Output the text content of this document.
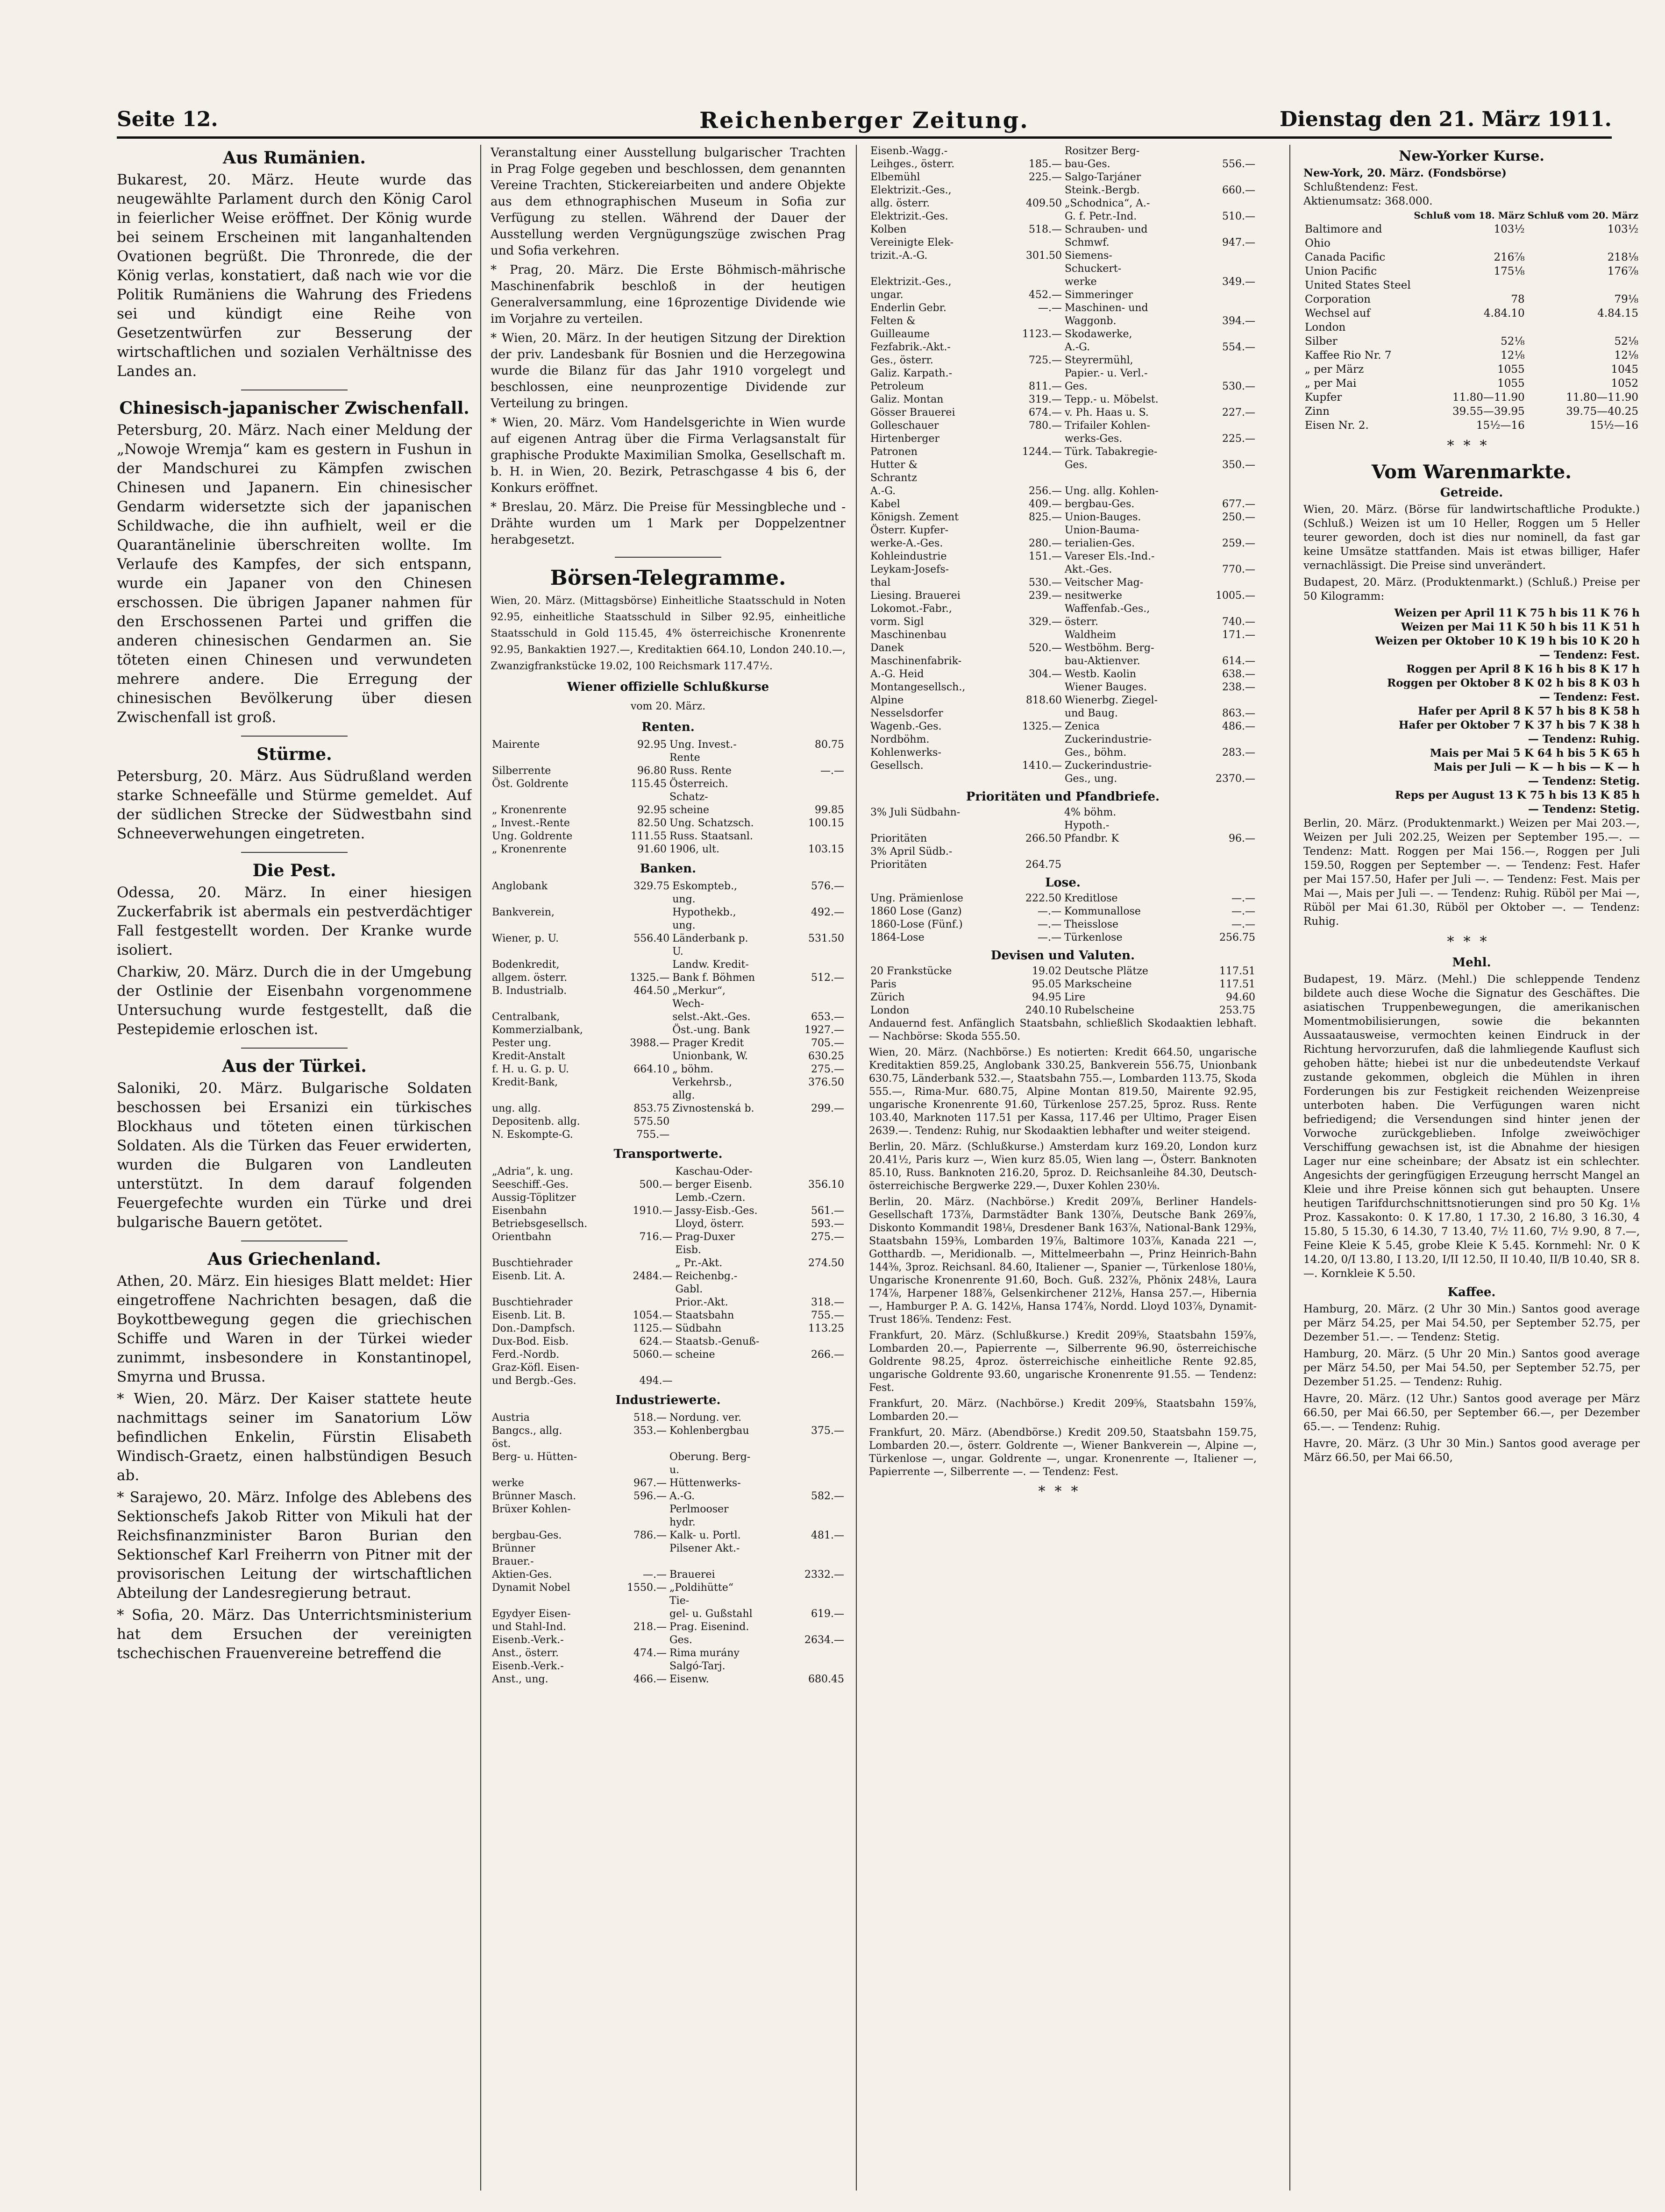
Seite 12.	Reichenberger Zeitung.	Dienstag den 21. März 1911.
Aus Rumänien.

Bukarest, 20. März. Heute wurde das neugewählte Parlament durch den König Carol in feierlicher Weise eröffnet. Der König wurde bei seinem Erscheinen mit langanhaltenden Ovationen begrüßt. Die Thronrede, die der König verlas, konstatiert, daß nach wie vor die Politik Rumäniens die Wahrung des Friedens sei und kündigt eine Reihe von Gesetzentwürfen zur Besserung der wirtschaftlichen und sozialen Verhältnisse des Landes an.

Chinesisch-japanischer Zwischenfall.

Petersburg, 20. März. Nach einer Meldung der „Nowoje Wremja“ kam es gestern in Fushun in der Mandschurei zu Kämpfen zwischen Chinesen und Japanern. Ein chinesischer Gendarm widersetzte sich der japanischen Schildwache, die ihn aufhielt, weil er die Quarantänelinie überschreiten wollte. Im Verlaufe des Kampfes, der sich entspann, wurde ein Japaner von den Chinesen erschossen. Die übrigen Japaner nahmen für den Erschossenen Partei und griffen die anderen chinesischen Gendarmen an. Sie töteten einen Chinesen und verwundeten mehrere andere. Die Erregung der chinesischen Bevölkerung über diesen Zwischenfall ist groß.

Stürme.

Petersburg, 20. März. Aus Südrußland werden starke Schneefälle und Stürme gemeldet. Auf der südlichen Strecke der Südwestbahn sind Schneeverwehungen eingetreten.

Die Pest.

Odessa, 20. März. In einer hiesigen Zuckerfabrik ist abermals ein pestverdächtiger Fall festgestellt worden. Der Kranke wurde isoliert.

Charkiw, 20. März. Durch die in der Umgebung der Ostlinie der Eisenbahn vorgenommene Untersuchung wurde festgestellt, daß die Pestepidemie erloschen ist.

Aus der Türkei.

Saloniki, 20. März. Bulgarische Soldaten beschossen bei Ersanizi ein türkisches Blockhaus und töteten einen türkischen Soldaten. Als die Türken das Feuer erwiderten, wurden die Bulgaren von Landleuten unterstützt. In dem darauf folgenden Feuergefechte wurden ein Türke und drei bulgarische Bauern getötet.

Aus Griechenland.

Athen, 20. März. Ein hiesiges Blatt meldet: Hier eingetroffene Nachrichten besagen, daß die Boykottbewegung gegen die griechischen Schiffe und Waren in der Türkei wieder zunimmt, insbesondere in Konstantinopel, Smyrna und Brussa.

* Wien, 20. März. Der Kaiser stattete heute nachmittags seiner im Sanatorium Löw befindlichen Enkelin, Fürstin Elisabeth Windisch-Graetz, einen halbstündigen Besuch ab.

* Sarajewo, 20. März. Infolge des Ablebens des Sektionschefs Jakob Ritter von Mikuli hat der Reichsfinanzminister Baron Burian den Sektionschef Karl Freiherrn von Pitner mit der provisorischen Leitung der wirtschaftlichen Abteilung der Landesregierung betraut.

* Sofia, 20. März. Das Unterrichtsministerium hat dem Ersuchen der vereinigten tschechischen Frauenvereine betreffend die

Veranstaltung einer Ausstellung bulgarischer Trachten in Prag Folge gegeben und beschlossen, dem genannten Vereine Trachten, Stickereiarbeiten und andere Objekte aus dem ethnographischen Museum in Sofia zur Verfügung zu stellen. Während der Dauer der Ausstellung werden Vergnügungszüge zwischen Prag und Sofia verkehren.

* Prag, 20. März. Die Erste Böhmisch-mährische Maschinenfabrik beschloß in der heutigen Generalversammlung, eine 16prozentige Dividende wie im Vorjahre zu verteilen.

* Wien, 20. März. In der heutigen Sitzung der Direktion der priv. Landesbank für Bosnien und die Herzegowina wurde die Bilanz für das Jahr 1910 vorgelegt und beschlossen, eine neunprozentige Dividende zur Verteilung zu bringen.

* Wien, 20. März. Vom Handelsgerichte in Wien wurde auf eigenen Antrag über die Firma Verlagsanstalt für graphische Produkte Maximilian Smolka, Gesellschaft m. b. H. in Wien, 20. Bezirk, Petraschgasse 4 bis 6, der Konkurs eröffnet.

* Breslau, 20. März. Die Preise für Messingbleche und -Drähte wurden um 1 Mark per Doppelzentner herabgesetzt.

Börsen-Telegramme.

Wien, 20. März. (Mittagsbörse) Einheitliche Staatsschuld in Noten 92.95, einheitliche Staatsschuld in Silber 92.95, einheitliche Staatsschuld in Gold 115.45, 4% österreichische Kronenrente 92.95, Bankaktien 1927.—, Kreditaktien 664.10, London 240.10.—, Zwanzigfrankstücke 19.02, 100 Reichsmark 117.47½.

Wiener offizielle Schlußkurse
vom 20. März.
Renten.
Mairente	92.95	Ung. Invest.-Rente	80.75
Silberrente	96.80	Russ. Rente	—.—
Öst. Goldrente	115.45	Österreich. Schatz-	
„ Kronenrente	92.95	scheine	99.85
„ Invest.-Rente	82.50	Ung. Schatzsch.	100.15
Ung. Goldrente	111.55	Russ. Staatsanl.	
„ Kronenrente	91.60	1906, ult.	103.15
Banken.
Anglobank	329.75	Eskompteb., ung.	576.—
Bankverein,		Hypothekb., ung.	492.—
Wiener, p. U.	556.40	Länderbank p. U.	531.50
Bodenkredit,		Landw. Kredit-	
allgem. österr.	1325.—	Bank f. Böhmen	512.—
B. Industrialb.	464.50	„Merkur“, Wech-	
Centralbank,		selst.-Akt.-Ges.	653.—
Kommerzialbank,		Öst.-ung. Bank	1927.—
Pester ung.	3988.—	Prager Kredit	705.—
Kredit-Anstalt		Unionbank, W.	630.25
f. H. u. G. p. U.	664.10	„ böhm.	275.—
Kredit-Bank,		Verkehrsb., allg.	376.50
ung. allg.	853.75	Zivnostenská b.	299.—
Depositenb. allg.	575.50		
N. Eskompte-G.	755.—		
Transportwerte.
„Adria“, k. ung.		Kaschau-Oder-	
Seeschiff.-Ges.	500.—	berger Eisenb.	356.10
Aussig-Töplitzer		Lemb.-Czern.	
Eisenbahn	1910.—	Jassy-Eisb.-Ges.	561.—
Betriebsgesellsch.		Lloyd, österr.	593.—
Orientbahn	716.—	Prag-Duxer Eisb.	275.—
Buschtiehrader		„ Pr.-Akt.	274.50
Eisenb. Lit. A.	2484.—	Reichenbg.-Gabl.	
Buschtiehrader		Prior.-Akt.	318.—
Eisenb. Lit. B.	1054.—	Staatsbahn	755.—
Don.-Dampfsch.	1125.—	Südbahn	113.25
Dux-Bod. Eisb.	624.—	Staatsb.-Genuß-	
Ferd.-Nordb.	5060.—	scheine	266.—
Graz-Köfl. Eisen-			
und Bergb.-Ges.	494.—		
Industriewerte.
Austria	518.—	Nordung. ver.	
Bangcs., allg. öst.	353.—	Kohlenbergbau	375.—
Berg- u. Hütten-		Oberung. Berg- u.	
werke	967.—	Hüttenwerks-	
Brünner Masch.	596.—	A.-G.	582.—
Brüxer Kohlen-		Perlmooser hydr.	
bergbau-Ges.	786.—	Kalk- u. Portl.	481.—
Brünner Brauer.-		Pilsener Akt.-	
Aktien-Ges.	—.—	Brauerei	2332.—
Dynamit Nobel	1550.—	„Poldihütte“ Tie-	
Egydyer Eisen-		gel- u. Gußstahl	619.—
und Stahl-Ind.	218.—	Prag. Eisenind.	
Eisenb.-Verk.-		Ges.	2634.—
Anst., österr.	474.—	Rima murány	
Eisenb.-Verk.-		Salgó-Tarj.	
Anst., ung.	466.—	Eisenw.	680.45
Eisenb.-Wagg.-		Rositzer Berg-	
Leihges., österr.	185.—	bau-Ges.	556.—
Elbemühl	225.—	Salgo-Tarjáner	
Elektrizit.-Ges.,		Steink.-Bergb.	660.—
allg. österr.	409.50	„Schodnica“, A.-	
Elektrizit.-Ges.		G. f. Petr.-Ind.	510.—
Kolben	518.—	Schrauben- und	
Vereinigte Elek-		Schmwf.	947.—
trizit.-A.-G.	301.50	Siemens-Schuckert-	
Elektrizit.-Ges.,		werke	349.—
ungar.	452.—	Simmeringer	
Enderlin Gebr.	—.—	Maschinen- und	
Felten &		Waggonb.	394.—
Guilleaume	1123.—	Skodawerke,	
Fezfabrik.-Akt.-		A.-G.	554.—
Ges., österr.	725.—	Steyrermühl,	
Galiz. Karpath.-		Papier.- u. Verl.-	
Petroleum	811.—	Ges.	530.—
Galiz. Montan	319.—	Tepp.- u. Möbelst.	
Gösser Brauerei	674.—	v. Ph. Haas u. S.	227.—
Golleschauer	780.—	Trifailer Kohlen-	
Hirtenberger		werks-Ges.	225.—
Patronen	1244.—	Türk. Tabakregie-	
Hutter & Schrantz		Ges.	350.—
A.-G.	256.—	Ung. allg. Kohlen-	
Kabel	409.—	bergbau-Ges.	677.—
Königsh. Zement	825.—	Union-Bauges.	250.—
Österr. Kupfer-		Union-Bauma-	
werke-A.-Ges.	280.—	terialien-Ges.	259.—
Kohleindustrie	151.—	Vareser Els.-Ind.-	
Leykam-Josefs-		Akt.-Ges.	770.—
thal	530.—	Veitscher Mag-	
Liesing. Brauerei	239.—	nesitwerke	1005.—
Lokomot.-Fabr.,		Waffenfab.-Ges.,	
vorm. Sigl	329.—	österr.	740.—
Maschinenbau		Waldheim	171.—
Danek	520.—	Westböhm. Berg-	
Maschinenfabrik-		bau-Aktienver.	614.—
A.-G. Heid	304.—	Westb. Kaolin	638.—
Montangesellsch.,		Wiener Bauges.	238.—
Alpine	818.60	Wienerbg. Ziegel-	
Nesselsdorfer		und Baug.	863.—
Wagenb.-Ges.	1325.—	Zenica	486.—
Nordböhm.		Zuckerindustrie-	
Kohlenwerks-		Ges., böhm.	283.—
Gesellsch.	1410.—	Zuckerindustrie-	
		Ges., ung.	2370.—
Prioritäten und Pfandbriefe.
3% Juli Südbahn-		4% böhm. Hypoth.-	
Prioritäten	266.50	Pfandbr. K	96.—
3% April Südb.-			
Prioritäten	264.75		
Lose.
Ung. Prämienlose	222.50	Kreditlose	—.—
1860 Lose (Ganz)	—.—	Kommunallose	—.—
1860-Lose (Fünf.)	—.—	Theisslose	—.—
1864-Lose	—.—	Türkenlose	256.75
Devisen und Valuten.
20 Frankstücke	19.02	Deutsche Plätze	117.51
Paris	95.05	Markscheine	117.51
Zürich	94.95	Lire	94.60
London	240.10	Rubelscheine	253.75

Andauernd fest. Anfänglich Staatsbahn, schließlich Skodaaktien lebhaft. — Nachbörse: Skoda 555.50.

Wien, 20. März. (Nachbörse.) Es notierten: Kredit 664.50, ungarische Kreditaktien 859.25, Anglobank 330.25, Bankverein 556.75, Unionbank 630.75, Länderbank 532.—, Staatsbahn 755.—, Lombarden 113.75, Skoda 555.—, Rima-Mur. 680.75, Alpine Montan 819.50, Mairente 92.95, ungarische Kronenrente 91.60, Türkenlose 257.25, 5proz. Russ. Rente 103.40, Marknoten 117.51 per Kassa, 117.46 per Ultimo, Prager Eisen 2639.—. Tendenz: Ruhig, nur Skodaaktien lebhafter und weiter steigend.

Berlin, 20. März. (Schlußkurse.) Amsterdam kurz 169.20, London kurz 20.41½, Paris kurz —, Wien kurz 85.05, Wien lang —, Österr. Banknoten 85.10, Russ. Banknoten 216.20, 5proz. D. Reichsanleihe 84.30, Deutsch-österreichische Bergwerke 229.—, Duxer Kohlen 230⅛.

Berlin, 20. März. (Nachbörse.) Kredit 209⅞, Berliner Handels-Gesellschaft 173⅞, Darmstädter Bank 130⅞, Deutsche Bank 269⅞, Diskonto Kommandit 198⅛, Dresdener Bank 163⅞, National-Bank 129⅜, Staatsbahn 159⅜, Lombarden 19⅞, Baltimore 103⅞, Kanada 221 —, Gotthardb. —, Meridionalb. —, Mittelmeerbahn —, Prinz Heinrich-Bahn 144⅜, 3proz. Reichsanl. 84.60, Italiener —, Spanier —, Türkenlose 180⅛, Ungarische Kronenrente 91.60, Boch. Guß. 232⅞, Phönix 248⅛, Laura 174⅞, Harpener 188⅞, Gelsenkirchener 212⅛, Hansa 257.—, Hibernia —, Hamburger P. A. G. 142⅛, Hansa 174⅞, Nordd. Lloyd 103⅞, Dynamit-Trust 186⅝. Tendenz: Fest.

Frankfurt, 20. März. (Schlußkurse.) Kredit 209⅝, Staatsbahn 159⅞, Lombarden 20.—, Papierrente —, Silberrente 96.90, österreichische Goldrente 98.25, 4proz. österreichische einheitliche Rente 92.85, ungarische Goldrente 93.60, ungarische Kronenrente 91.55. — Tendenz: Fest.

Frankfurt, 20. März. (Nachbörse.) Kredit 209⅝, Staatsbahn 159⅞, Lombarden 20.—

Frankfurt, 20. März. (Abendbörse.) Kredit 209.50, Staatsbahn 159.75, Lombarden 20.—, österr. Goldrente —, Wiener Bankverein —, Alpine —, Türkenlose —, ungar. Goldrente —, ungar. Kronenrente —, Italiener —, Papierrente —, Silberrente —. — Tendenz: Fest.

***
New-Yorker Kurse.
New-York, 20. März. (Fondsbörse)
Schlußtendenz: Fest.
Aktienumsatz: 368.000.
	Schluß vom 18. März	Schluß vom 20. März
Baltimore and Ohio	103½	103½
Canada Pacific	216⅞	218⅛
Union Pacific	175⅛	176⅞
United States Steel		
Corporation	78	79⅛
Wechsel auf London	4.84.10	4.84.15
Silber	52⅛	52⅛
Kaffee Rio Nr. 7	12⅛	12⅛
„ per März	1055	1045
„ per Mai	1055	1052
Kupfer	11.80—11.90	11.80—11.90
Zinn	39.55—39.95	39.75—40.25
Eisen Nr. 2.	15½—16	15½—16
***
Vom Warenmarkte.
Getreide.

Wien, 20. März. (Börse für landwirtschaftliche Produkte.) (Schluß.) Weizen ist um 10 Heller, Roggen um 5 Heller teurer geworden, doch ist dies nur nominell, da fast gar keine Umsätze stattfanden. Mais ist etwas billiger, Hafer vernachlässigt. Die Preise sind unverändert.

Budapest, 20. März. (Produktenmarkt.) (Schluß.) Preise per 50 Kilogramm:

Weizen per April 11 K 75 h bis 11 K 76 h
Weizen per Mai 11 K 50 h bis 11 K 51 h
Weizen per Oktober 10 K 19 h bis 10 K 20 h
— Tendenz: Fest.
Roggen per April 8 K 16 h bis 8 K 17 h
Roggen per Oktober 8 K 02 h bis 8 K 03 h
— Tendenz: Fest.
Hafer per April 8 K 57 h bis 8 K 58 h
Hafer per Oktober 7 K 37 h bis 7 K 38 h
— Tendenz: Ruhig.
Mais per Mai 5 K 64 h bis 5 K 65 h
Mais per Juli — K — h bis — K — h
— Tendenz: Stetig.
Reps per August 13 K 75 h bis 13 K 85 h
— Tendenz: Stetig.

Berlin, 20. März. (Produktenmarkt.) Weizen per Mai 203.—, Weizen per Juli 202.25, Weizen per September 195.—. — Tendenz: Matt. Roggen per Mai 156.—, Roggen per Juli 159.50, Roggen per September —. — Tendenz: Fest. Hafer per Mai 157.50, Hafer per Juli —. — Tendenz: Fest. Mais per Mai —, Mais per Juli —. — Tendenz: Ruhig. Rüböl per Mai —, Rüböl per Mai 61.30, Rüböl per Oktober —. — Tendenz: Ruhig.

***
Mehl.

Budapest, 19. März. (Mehl.) Die schleppende Tendenz bildete auch diese Woche die Signatur des Geschäftes. Die asiatischen Truppenbewegungen, die amerikanischen Momentmobilisierungen, sowie die bekannten Aussaatausweise, vermochten keinen Eindruck in der Richtung hervorzurufen, daß die lahmliegende Kauflust sich gehoben hätte; hiebei ist nur die unbedeutendste Verkauf zustande gekommen, obgleich die Mühlen in ihren Forderungen bis zur Festigkeit reichenden Weizenpreise unterboten haben. Die Verfügungen waren nicht befriedigend; die Versendungen sind hinter jenen der Vorwoche zurückgeblieben. Infolge zweiwöchiger Verschiffung gewachsen ist, ist die Abnahme der hiesigen Lager nur eine scheinbare; der Absatz ist ein schlechter. Angesichts der geringfügigen Erzeugung herrscht Mangel an Kleie und ihre Preise können sich gut behaupten. Unsere heutigen Tarifdurchschnittsnotierungen sind pro 50 Kg. 1⅛ Proz. Kassakonto: 0. K 17.80, 1 17.30, 2 16.80, 3 16.30, 4 15.80, 5 15.30, 6 14.30, 7 13.40, 7½ 11.60, 7½ 9.90, 8 7.—, Feine Kleie K 5.45, grobe Kleie K 5.45. Kornmehl: Nr. 0 K 14.20, 0/I 13.80, I 13.20, I/II 12.50, II 10.40, II/B 10.40, SR 8.—. Kornkleie K 5.50.

Kaffee.

Hamburg, 20. März. (2 Uhr 30 Min.) Santos good average per März 54.25, per Mai 54.50, per September 52.75, per Dezember 51.—. — Tendenz: Stetig.

Hamburg, 20. März. (5 Uhr 20 Min.) Santos good average per März 54.50, per Mai 54.50, per September 52.75, per Dezember 51.25. — Tendenz: Ruhig.

Havre, 20. März. (12 Uhr.) Santos good average per März 66.50, per Mai 66.50, per September 66.—, per Dezember 65.—. — Tendenz: Ruhig.

Havre, 20. März. (3 Uhr 30 Min.) Santos good average per März 66.50, per Mai 66.50,
